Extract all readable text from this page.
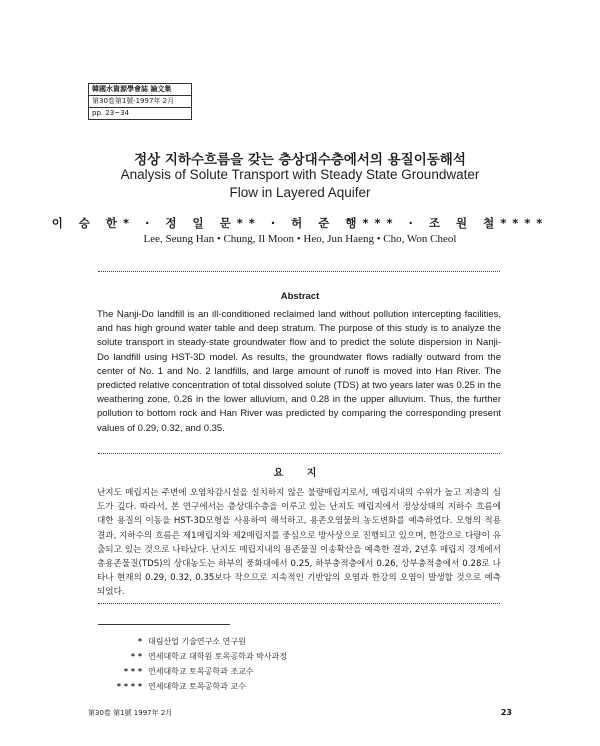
韓國水資源學會誌 論文集
第30卷第1號·1997年 2月
pp. 23~34
정상 지하수흐름을 갖는 층상대수층에서의 용질이동해석
Analysis of Solute Transport with Steady State Groundwater
Flow in Layered Aquifer
이 승 한* · 정 일 문** · 허 준 행*** · 조 원 철****
Lee, Seung Han • Chung, Il Moon • Heo, Jun Haeng • Cho, Won Cheol
Abstract
The Nanji-Do landfill is an ill-conditioned reclaimed land without pollution intercepting facilities, and has high ground water table and deep stratum. The purpose of this study is to analyze the solute transport in steady-state groundwater flow and to predict the solute dispersion in Nanji-Do landfill using HST-3D model. As results, the groundwater flows radially outward from the center of No. 1 and No. 2 landfills, and large amount of runoff is moved into Han River. The predicted relative concentration of total dissolved solute (TDS) at two years later was 0.25 in the weathering zone, 0.26 in the lower alluvium, and 0.28 in the upper alluvium. Thus, the further pollution to bottom rock and Han River was predicted by comparing the corresponding present values of 0.29, 0.32, and 0.35.
요 지
난지도 매립지는 주변에 오염차감시설을 설치하지 않은 불량매립지로서, 매립지내의 수위가 높고 지층의 심도가 깊다. 따라서, 본 연구에서는 층상대수층을 이루고 있는 난지도 매립지에서 정상상태의 지하수 흐름에 대한 용질의 이동을 HST-3D모형을 사용하여 해석하고, 용존오염물의 농도변화를 예측하였다. 모형의 적용 결과, 지하수의 흐름은 제1매립지와 제2매립지를 중심으로 방사상으로 진행되고 있으며, 한강으로 다량이 유출되고 있는 것으로 나타났다. 난지도 매립지내의 용존물질 이송확산을 예측한 결과, 2년후 매립지 경계에서 총용존물질(TDS)의 상대농도는 하부의 풍화대에서 0.25, 하부충적층에서 0.26, 상부충적층에서 0.28로 나타나 현재의 0.29, 0.32, 0.35보다 작으므로 지속적인 기반암의 오염과 한강의 오염이 발생할 것으로 예측되었다.
* 대림산업 기술연구소 연구원
* * 연세대학교 대학원 토목공학과 박사과정
* * * 연세대학교 토목공학과 조교수
* * * * 연세대학교 토목공학과 교수
第30卷 第1號 1997年 2月	23
